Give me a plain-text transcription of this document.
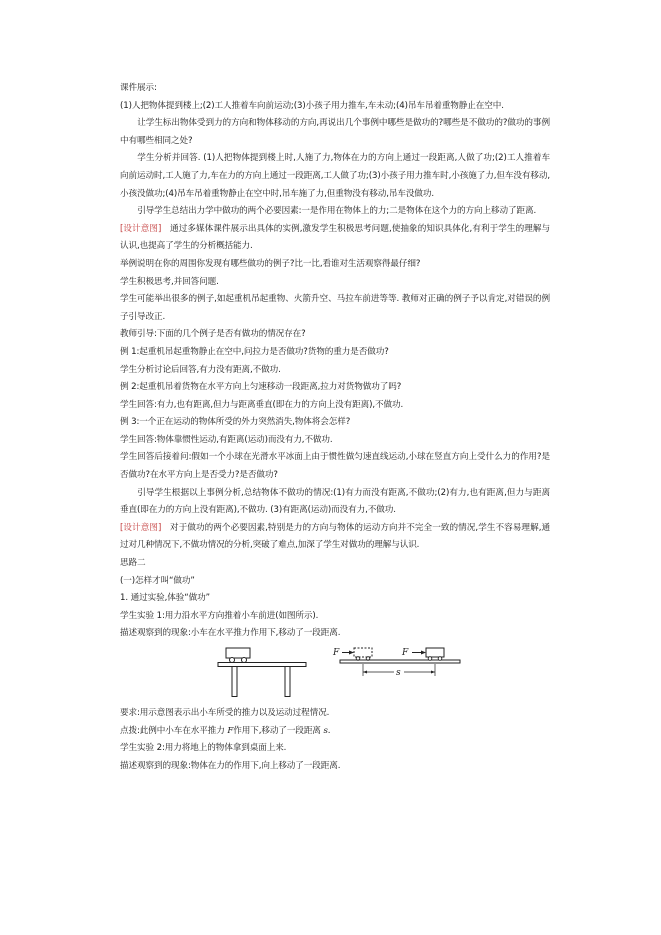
课件展示:

(1)人把物体提到楼上;(2)工人推着车向前运动;(3)小孩子用力推车,车未动;(4)吊车吊着重物静止在空中.

让学生标出物体受到力的方向和物体移动的方向,再说出几个事例中哪些是做功的?哪些是不做功的?做功的事例中有哪些相同之处?

学生分析并回答. (1)人把物体提到楼上时,人施了力,物体在力的方向上通过一段距离,人做了功;(2)工人推着车向前运动时,工人施了力,车在力的方向上通过一段距离,工人做了功;(3)小孩子用力推车时,小孩施了力,但车没有移动,小孩没做功;(4)吊车吊着重物静止在空中时,吊车施了力,但重物没有移动,吊车没做功.

引导学生总结出力学中做功的两个必要因素:一是作用在物体上的力;二是物体在这个力的方向上移动了距离.

[设计意图]　通过多媒体课件展示出具体的实例,激发学生积极思考问题,使抽象的知识具体化,有利于学生的理解与认识,也提高了学生的分析概括能力.

举例说明在你的周围你发现有哪些做功的例子?比一比,看谁对生活观察得最仔细?

学生积极思考,并回答问题.

学生可能举出很多的例子,如起重机吊起重物、火箭升空、马拉车前进等等. 教师对正确的例子予以肯定,对错误的例子引导改正.

教师引导:下面的几个例子是否有做功的情况存在?

例 1:起重机吊起重物静止在空中,问拉力是否做功?货物的重力是否做功?

学生分析讨论后回答,有力没有距离,不做功.

例 2:起重机吊着货物在水平方向上匀速移动一段距离,拉力对货物做功了吗?

学生回答:有力,也有距离,但力与距离垂直(即在力的方向上没有距离),不做功.

例 3:一个正在运动的物体所受的外力突然消失,物体将会怎样?

学生回答:物体靠惯性运动,有距离(运动)而没有力,不做功.

学生回答后接着问:假如一个小球在光滑水平冰面上由于惯性做匀速直线运动,小球在竖直方向上受什么力的作用?是否做功?在水平方向上是否受力?是否做功?

引导学生根据以上事例分析,总结物体不做功的情况:(1)有力而没有距离,不做功;(2)有力,也有距离,但力与距离垂直(即在力的方向上没有距离),不做功. (3)有距离(运动)而没有力,不做功.

[设计意图]　对于做功的两个必要因素,特别是力的方向与物体的运动方向并不完全一致的情况,学生不容易理解,通过对几种情况下,不做功情况的分析,突破了难点,加深了学生对做功的理解与认识.

思路二

(一)怎样才叫“做功”

1. 通过实验,体验“做功”

学生实验 1:用力沿水平方向推着小车前进(如图所示).

描述观察到的现象:小车在水平推力作用下,移动了一段距离.

F	F
s

要求:用示意图表示出小车所受的推力以及运动过程情况.

点拨:此例中小车在水平推力 F作用下,移动了一段距离 s.

学生实验 2:用力将地上的物体拿到桌面上来.

描述观察到的现象:物体在力的作用下,向上移动了一段距离.
